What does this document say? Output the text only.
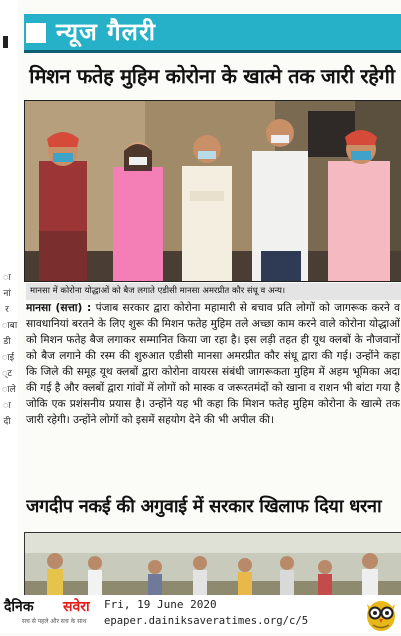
ा नां र ाबा डी ाई ्ट ाले ा दी
न्यूज गैलरी
मिशन फतेह मुहिम कोरोना के खात्मे तक जारी रहेगी
मानसा में कोरोना योद्धाओं को बैज लगाते एडीसी मानसा अमरप्रीत कौर संधू व अन्य।
मानसा (सत्ता) : पंजाब सरकार द्वारा कोरोना महामारी से बचाव प्रति लोगों को जागरूक करने व सावधानियां बरतने के लिए शुरू की मिशन फतेह मुहिम तले अच्छा काम करने वाले कोरोना योद्धाओं को मिशन फतेह बैज लगाकर सम्मानित किया जा रहा है। इस लड़ी तहत ही यूथ क्लबों के नौजवानों को बैज लगाने की रस्म की शुरुआत एडीसी मानसा अमरप्रीत कौर संधू द्वारा की गई। उन्होंने कहा कि जिले की समूह यूथ क्लबों द्वारा कोरोना वायरस संबंधी जागरूकता मुहिम में अहम भूमिका अदा की गई है और क्लबों द्वारा गांवों में लोगों को मास्क व जरूरतमंदों को खाना व राशन भी बांटा गया है जोकि एक प्रशंसनीय प्रयास है। उन्होंने यह भी कहा कि मिशन फतेह मुहिम कोरोना के खात्मे तक जारी रहेगी। उन्होंने लोगों को इसमें सहयोग देने की भी अपील की।
जगदीप नकई की अगुवाई में सरकार खिलाफ दिया धरना
दैनिक सवेरा
सच से पहले और सच के साथ
Fri, 19 June 2020
epaper.dainiksaveratimes.org/c/5
